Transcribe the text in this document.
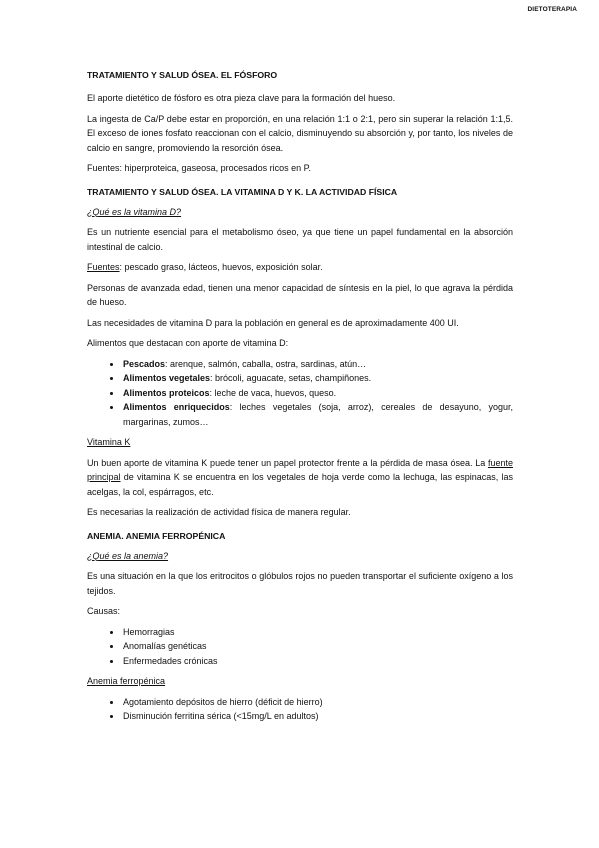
DIETOTERAPIA
TRATAMIENTO Y SALUD ÓSEA. EL FÓSFORO

El aporte dietético de fósforo es otra pieza clave para la formación del hueso.

La ingesta de Ca/P debe estar en proporción, en una relación 1:1 o 2:1, pero sin superar la relación 1:1,5. El exceso de iones fosfato reaccionan con el calcio, disminuyendo su absorción y, por tanto, los niveles de calcio en sangre, promoviendo la resorción ósea.

Fuentes: hiperproteica, gaseosa, procesados ricos en P.

TRATAMIENTO Y SALUD ÓSEA. LA VITAMINA D Y K. LA ACTIVIDAD FÍSICA

¿Qué es la vitamina D?

Es un nutriente esencial para el metabolismo óseo, ya que tiene un papel fundamental en la absorción intestinal de calcio.

Fuentes: pescado graso, lácteos, huevos, exposición solar.

Personas de avanzada edad, tienen una menor capacidad de síntesis en la piel, lo que agrava la pérdida de hueso.

Las necesidades de vitamina D para la población en general es de aproximadamente 400 UI.

Alimentos que destacan con aporte de vitamina D:

• Pescados: arenque, salmón, caballa, ostra, sardinas, atún…
• Alimentos vegetales: brócoli, aguacate, setas, champiñones.
• Alimentos proteicos: leche de vaca, huevos, queso.
• Alimentos enriquecidos: leches vegetales (soja, arroz), cereales de desayuno, yogur, margarinas, zumos…

Vitamina K

Un buen aporte de vitamina K puede tener un papel protector frente a la pérdida de masa ósea. La fuente principal de vitamina K se encuentra en los vegetales de hoja verde como la lechuga, las espinacas, las acelgas, la col, espárragos, etc.

Es necesarias la realización de actividad física de manera regular.

ANEMIA. ANEMIA FERROPÉNICA

¿Qué es la anemia?

Es una situación en la que los eritrocitos o glóbulos rojos no pueden transportar el suficiente oxígeno a los tejidos.

Causas:

• Hemorragias
• Anomalías genéticas
• Enfermedades crónicas

Anemia ferropénica

• Agotamiento depósitos de hierro (déficit de hierro)
• Disminución ferritina sérica (<15mg/L en adultos)
